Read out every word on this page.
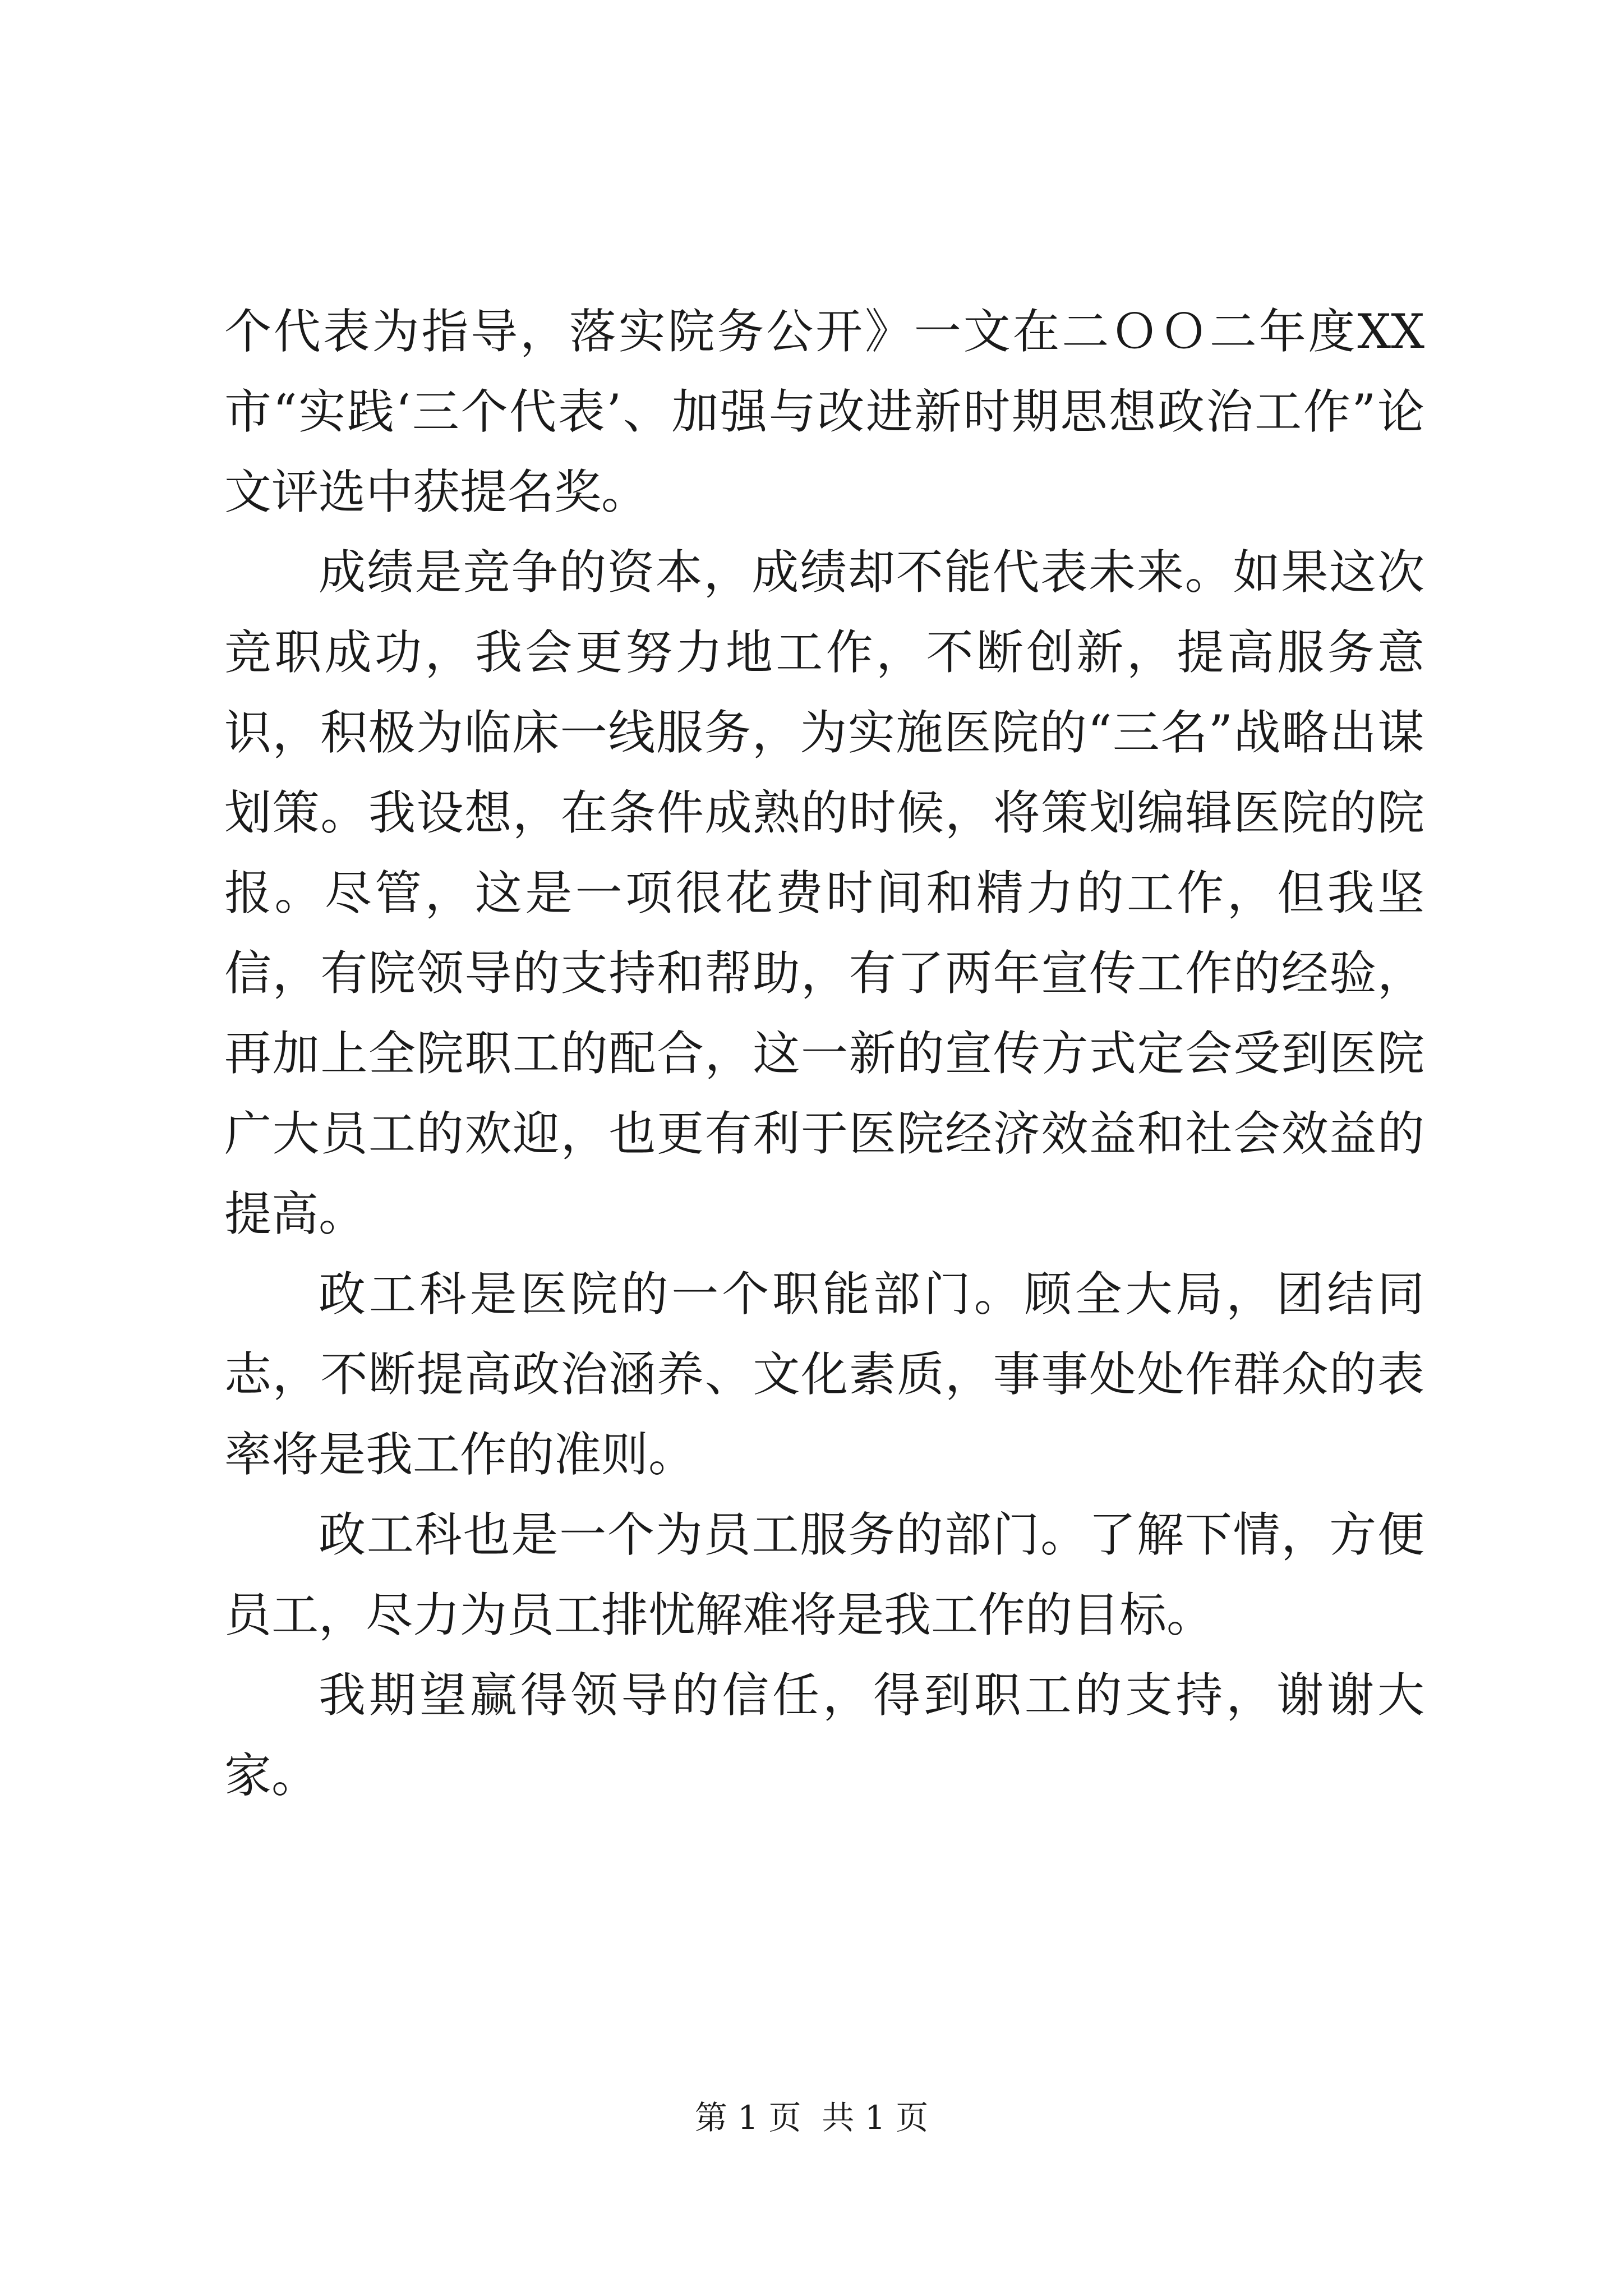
个代表为指导，落实院务公开》一文在二ＯＯ二年度XX市“实践‘三个代表’、加强与改进新时期思想政治工作”论文评选中获提名奖。

成绩是竞争的资本，成绩却不能代表未来。如果这次竞职成功，我会更努力地工作，不断创新，提高服务意识，积极为临床一线服务，为实施医院的“三名”战略出谋划策。我设想，在条件成熟的时候，将策划编辑医院的院报。尽管，这是一项很花费时间和精力的工作，但我坚信，有院领导的支持和帮助，有了两年宣传工作的经验，再加上全院职工的配合，这一新的宣传方式定会受到医院广大员工的欢迎，也更有利于医院经济效益和社会效益的提高。

政工科是医院的一个职能部门。顾全大局，团结同志，不断提高政治涵养、文化素质，事事处处作群众的表率将是我工作的准则。

政工科也是一个为员工服务的部门。了解下情，方便员工，尽力为员工排忧解难将是我工作的目标。

我期望赢得领导的信任，得到职工的支持，谢谢大家。

第 1 页  共 1 页
